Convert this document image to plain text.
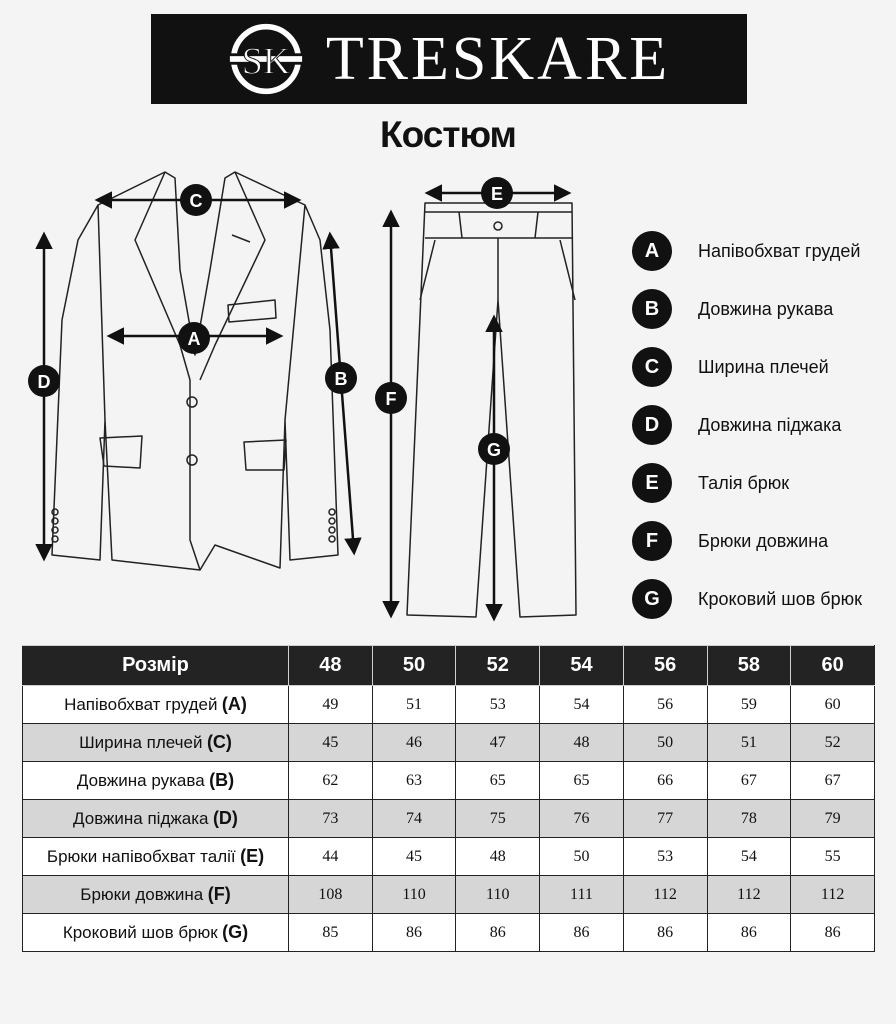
SK TRESKARE
Костюм
C
A
D	B
E
F
G
A	Напівобхват грудей
B	Довжина рукава
C	Ширина плечей
D	Довжина піджака
E	Талія брюк
F	Брюки довжина
G	Кроковий шов брюк
Розмір	48	50	52	54	56	58	60
Напівобхват грудей (A)	49	51	53	54	56	59	60
Ширина плечей (C)	45	46	47	48	50	51	52
Довжина рукава (B)	62	63	65	65	66	67	67
Довжина піджака (D)	73	74	75	76	77	78	79
Брюки напівобхват талії (E)	44	45	48	50	53	54	55
Брюки довжина (F)	108	110	110	111	112	112	112
Кроковий шов брюк (G)	85	86	86	86	86	86	86
